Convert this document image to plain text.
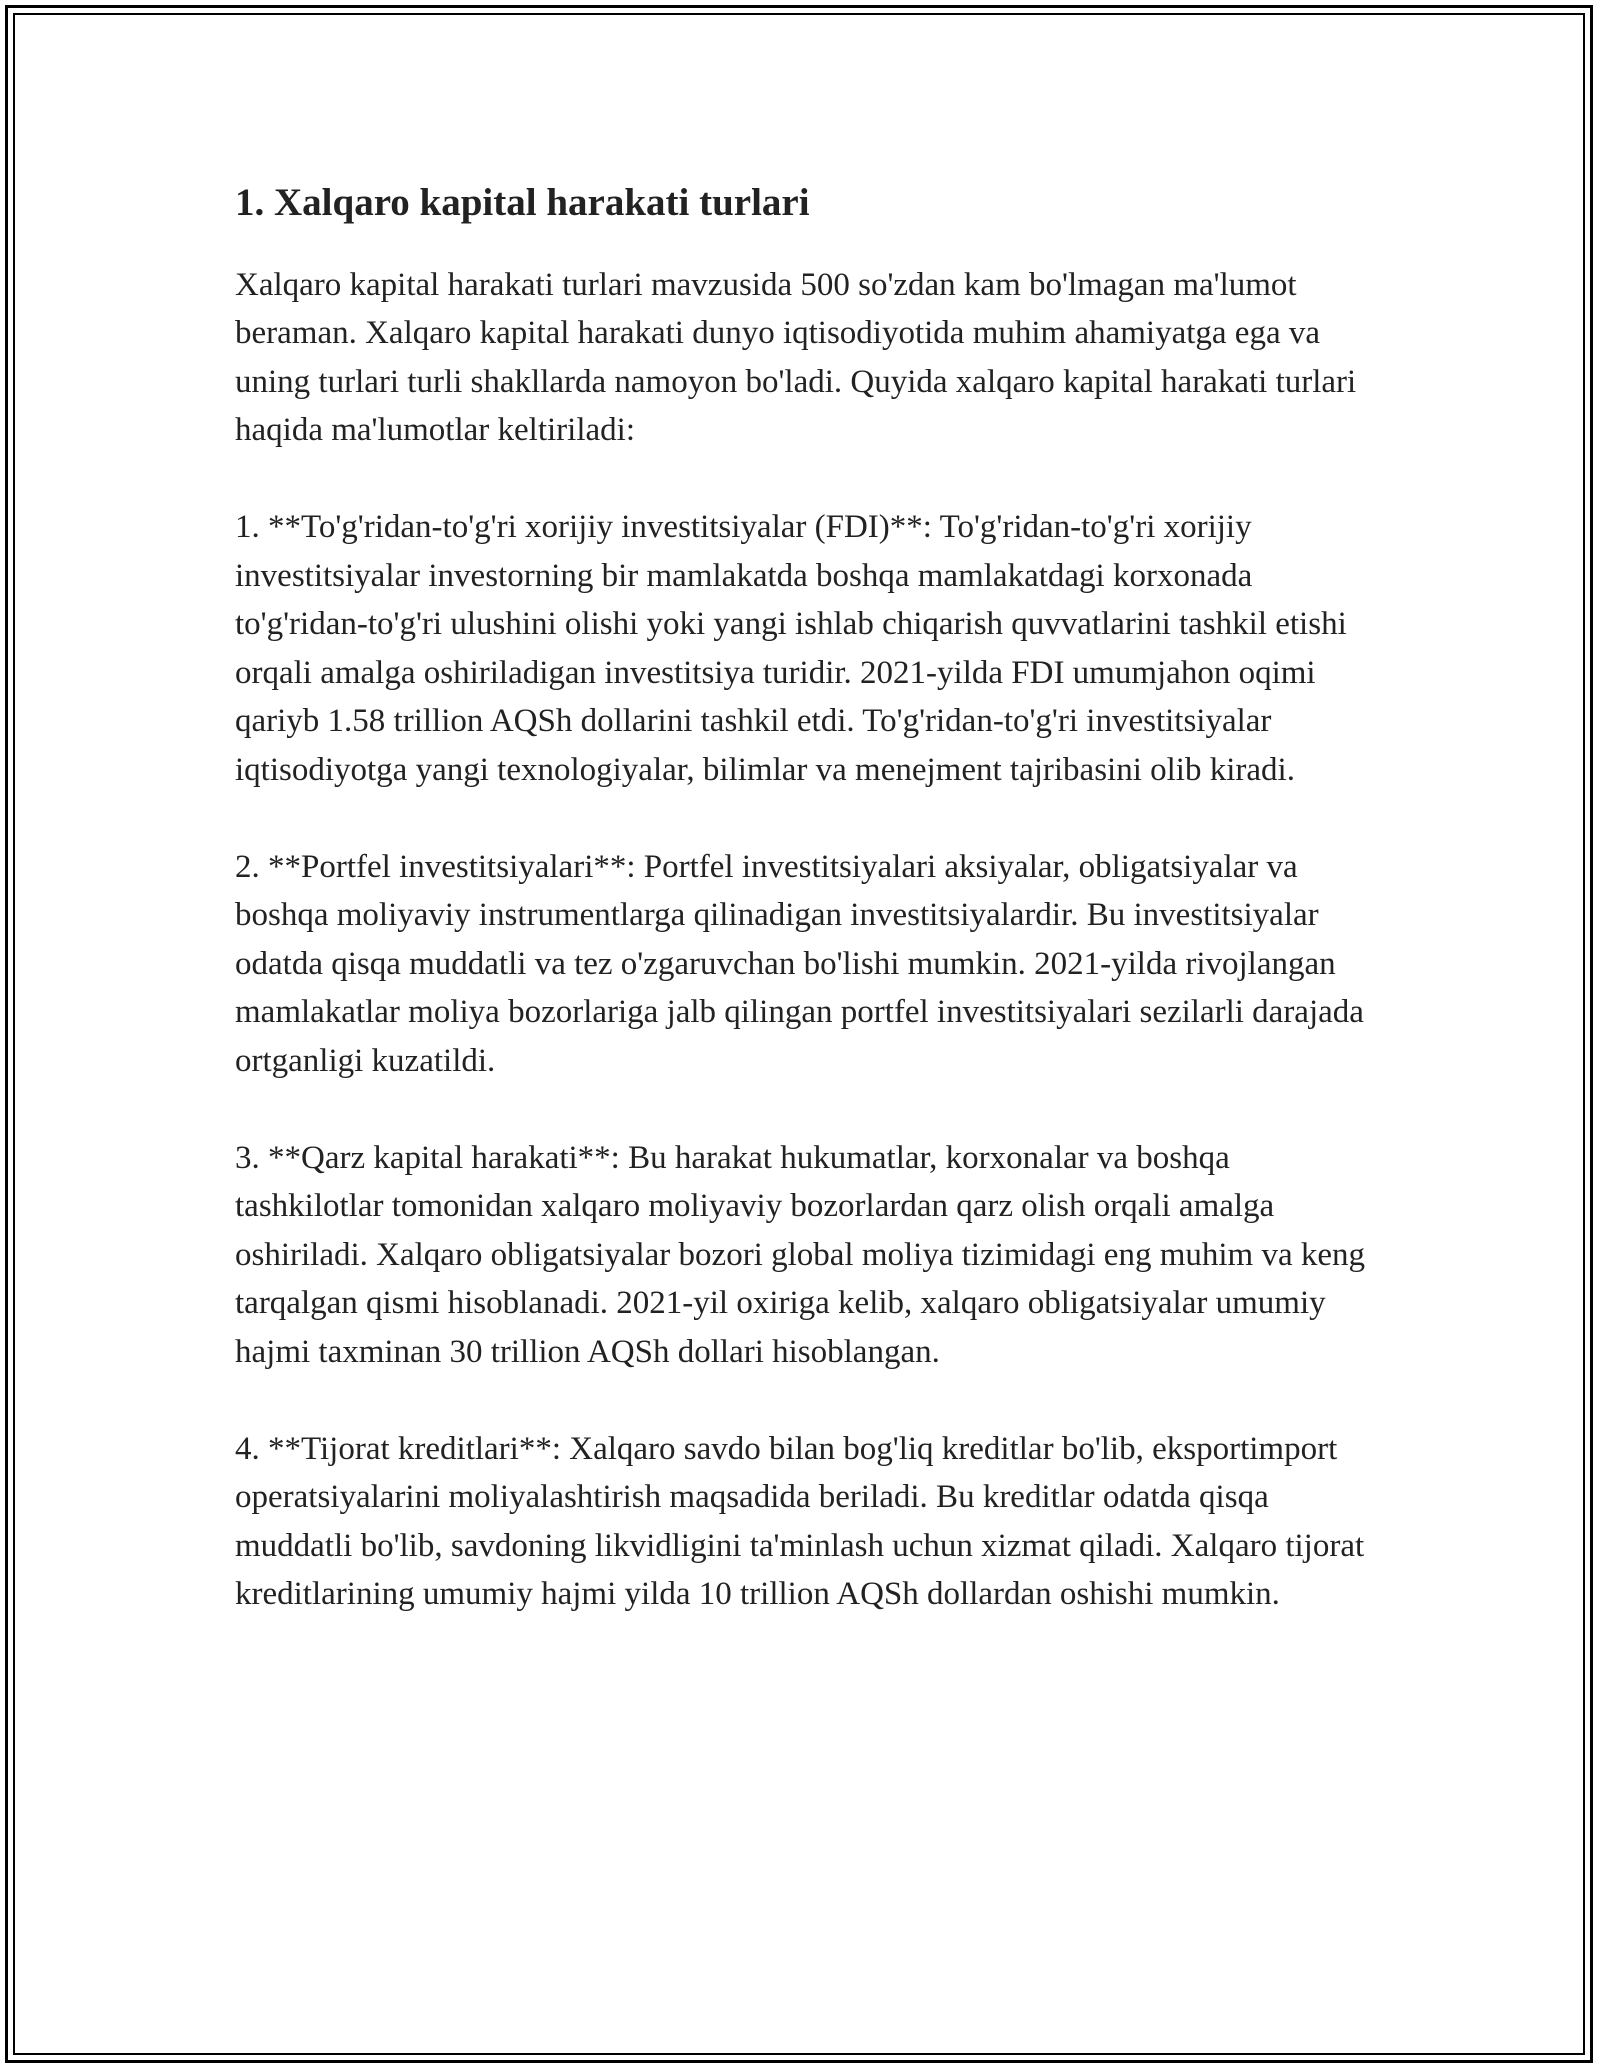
1. Xalqaro kapital harakati turlari

Xalqaro kapital harakati turlari mavzusida 500 so'zdan kam bo'lmagan ma'lumot beraman. Xalqaro kapital harakati dunyo iqtisodiyotida muhim ahamiyatga ega va uning turlari turli shakllarda namoyon bo'ladi. Quyida xalqaro kapital harakati turlari haqida ma'lumotlar keltiriladi:

1. **To'g'ridan-to'g'ri xorijiy investitsiyalar (FDI)**: To'g'ridan-to'g'ri xorijiy investitsiyalar investorning bir mamlakatda boshqa mamlakatdagi korxonada to'g'ridan-to'g'ri ulushini olishi yoki yangi ishlab chiqarish quvvatlarini tashkil etishi orqali amalga oshiriladigan investitsiya turidir. 2021-yilda FDI umumjahon oqimi qariyb 1.58 trillion AQSh dollarini tashkil etdi. To'g'ridan-to'g'ri investitsiyalar iqtisodiyotga yangi texnologiyalar, bilimlar va menejment tajribasini olib kiradi.

2. **Portfel investitsiyalari**: Portfel investitsiyalari aksiyalar, obligatsiyalar va boshqa moliyaviy instrumentlarga qilinadigan investitsiyalardir. Bu investitsiyalar odatda qisqa muddatli va tez o'zgaruvchan bo'lishi mumkin. 2021-yilda rivojlangan mamlakatlar moliya bozorlariga jalb qilingan portfel investitsiyalari sezilarli darajada ortganligi kuzatildi.

3. **Qarz kapital harakati**: Bu harakat hukumatlar, korxonalar va boshqa tashkilotlar tomonidan xalqaro moliyaviy bozorlardan qarz olish orqali amalga oshiriladi. Xalqaro obligatsiyalar bozori global moliya tizimidagi eng muhim va keng tarqalgan qismi hisoblanadi. 2021-yil oxiriga kelib, xalqaro obligatsiyalar umumiy hajmi taxminan 30 trillion AQSh dollari hisoblangan.

4. **Tijorat kreditlari**: Xalqaro savdo bilan bog'liq kreditlar bo'lib, eksportimport operatsiyalarini moliyalashtirish maqsadida beriladi. Bu kreditlar odatda qisqa muddatli bo'lib, savdoning likvidligini ta'minlash uchun xizmat qiladi. Xalqaro tijorat kreditlarining umumiy hajmi yilda 10 trillion AQSh dollardan oshishi mumkin.
